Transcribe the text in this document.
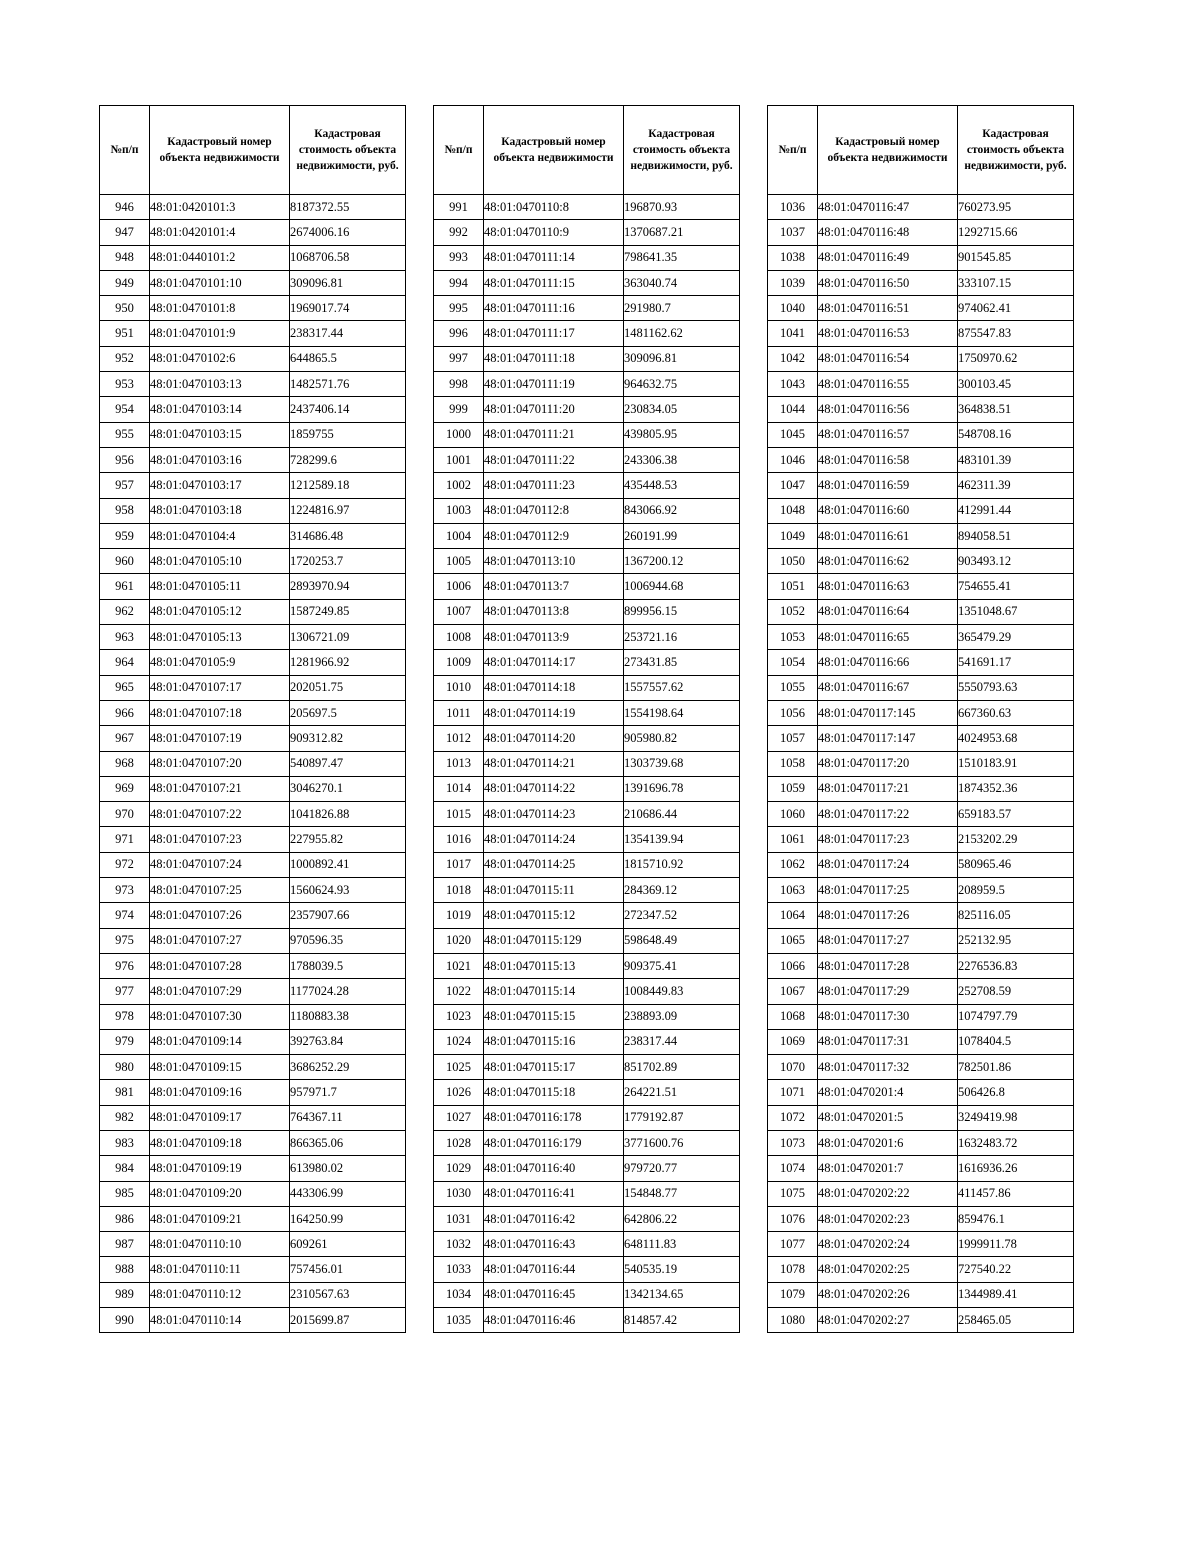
№п/п	Кадастровый номер объекта недвижимости	Кадастровая стоимость объекта недвижимости, руб.
946	48:01:0420101:3	8187372.55
947	48:01:0420101:4	2674006.16
948	48:01:0440101:2	1068706.58
949	48:01:0470101:10	309096.81
950	48:01:0470101:8	1969017.74
951	48:01:0470101:9	238317.44
952	48:01:0470102:6	644865.5
953	48:01:0470103:13	1482571.76
954	48:01:0470103:14	2437406.14
955	48:01:0470103:15	1859755
956	48:01:0470103:16	728299.6
957	48:01:0470103:17	1212589.18
958	48:01:0470103:18	1224816.97
959	48:01:0470104:4	314686.48
960	48:01:0470105:10	1720253.7
961	48:01:0470105:11	2893970.94
962	48:01:0470105:12	1587249.85
963	48:01:0470105:13	1306721.09
964	48:01:0470105:9	1281966.92
965	48:01:0470107:17	202051.75
966	48:01:0470107:18	205697.5
967	48:01:0470107:19	909312.82
968	48:01:0470107:20	540897.47
969	48:01:0470107:21	3046270.1
970	48:01:0470107:22	1041826.88
971	48:01:0470107:23	227955.82
972	48:01:0470107:24	1000892.41
973	48:01:0470107:25	1560624.93
974	48:01:0470107:26	2357907.66
975	48:01:0470107:27	970596.35
976	48:01:0470107:28	1788039.5
977	48:01:0470107:29	1177024.28
978	48:01:0470107:30	1180883.38
979	48:01:0470109:14	392763.84
980	48:01:0470109:15	3686252.29
981	48:01:0470109:16	957971.7
982	48:01:0470109:17	764367.11
983	48:01:0470109:18	866365.06
984	48:01:0470109:19	613980.02
985	48:01:0470109:20	443306.99
986	48:01:0470109:21	164250.99
987	48:01:0470110:10	609261
988	48:01:0470110:11	757456.01
989	48:01:0470110:12	2310567.63
990	48:01:0470110:14	2015699.87
№п/п	Кадастровый номер объекта недвижимости	Кадастровая стоимость объекта недвижимости, руб.
991	48:01:0470110:8	196870.93
992	48:01:0470110:9	1370687.21
993	48:01:0470111:14	798641.35
994	48:01:0470111:15	363040.74
995	48:01:0470111:16	291980.7
996	48:01:0470111:17	1481162.62
997	48:01:0470111:18	309096.81
998	48:01:0470111:19	964632.75
999	48:01:0470111:20	230834.05
1000	48:01:0470111:21	439805.95
1001	48:01:0470111:22	243306.38
1002	48:01:0470111:23	435448.53
1003	48:01:0470112:8	843066.92
1004	48:01:0470112:9	260191.99
1005	48:01:0470113:10	1367200.12
1006	48:01:0470113:7	1006944.68
1007	48:01:0470113:8	899956.15
1008	48:01:0470113:9	253721.16
1009	48:01:0470114:17	273431.85
1010	48:01:0470114:18	1557557.62
1011	48:01:0470114:19	1554198.64
1012	48:01:0470114:20	905980.82
1013	48:01:0470114:21	1303739.68
1014	48:01:0470114:22	1391696.78
1015	48:01:0470114:23	210686.44
1016	48:01:0470114:24	1354139.94
1017	48:01:0470114:25	1815710.92
1018	48:01:0470115:11	284369.12
1019	48:01:0470115:12	272347.52
1020	48:01:0470115:129	598648.49
1021	48:01:0470115:13	909375.41
1022	48:01:0470115:14	1008449.83
1023	48:01:0470115:15	238893.09
1024	48:01:0470115:16	238317.44
1025	48:01:0470115:17	851702.89
1026	48:01:0470115:18	264221.51
1027	48:01:0470116:178	1779192.87
1028	48:01:0470116:179	3771600.76
1029	48:01:0470116:40	979720.77
1030	48:01:0470116:41	154848.77
1031	48:01:0470116:42	642806.22
1032	48:01:0470116:43	648111.83
1033	48:01:0470116:44	540535.19
1034	48:01:0470116:45	1342134.65
1035	48:01:0470116:46	814857.42
№п/п	Кадастровый номер объекта недвижимости	Кадастровая стоимость объекта недвижимости, руб.
1036	48:01:0470116:47	760273.95
1037	48:01:0470116:48	1292715.66
1038	48:01:0470116:49	901545.85
1039	48:01:0470116:50	333107.15
1040	48:01:0470116:51	974062.41
1041	48:01:0470116:53	875547.83
1042	48:01:0470116:54	1750970.62
1043	48:01:0470116:55	300103.45
1044	48:01:0470116:56	364838.51
1045	48:01:0470116:57	548708.16
1046	48:01:0470116:58	483101.39
1047	48:01:0470116:59	462311.39
1048	48:01:0470116:60	412991.44
1049	48:01:0470116:61	894058.51
1050	48:01:0470116:62	903493.12
1051	48:01:0470116:63	754655.41
1052	48:01:0470116:64	1351048.67
1053	48:01:0470116:65	365479.29
1054	48:01:0470116:66	541691.17
1055	48:01:0470116:67	5550793.63
1056	48:01:0470117:145	667360.63
1057	48:01:0470117:147	4024953.68
1058	48:01:0470117:20	1510183.91
1059	48:01:0470117:21	1874352.36
1060	48:01:0470117:22	659183.57
1061	48:01:0470117:23	2153202.29
1062	48:01:0470117:24	580965.46
1063	48:01:0470117:25	208959.5
1064	48:01:0470117:26	825116.05
1065	48:01:0470117:27	252132.95
1066	48:01:0470117:28	2276536.83
1067	48:01:0470117:29	252708.59
1068	48:01:0470117:30	1074797.79
1069	48:01:0470117:31	1078404.5
1070	48:01:0470117:32	782501.86
1071	48:01:0470201:4	506426.8
1072	48:01:0470201:5	3249419.98
1073	48:01:0470201:6	1632483.72
1074	48:01:0470201:7	1616936.26
1075	48:01:0470202:22	411457.86
1076	48:01:0470202:23	859476.1
1077	48:01:0470202:24	1999911.78
1078	48:01:0470202:25	727540.22
1079	48:01:0470202:26	1344989.41
1080	48:01:0470202:27	258465.05
